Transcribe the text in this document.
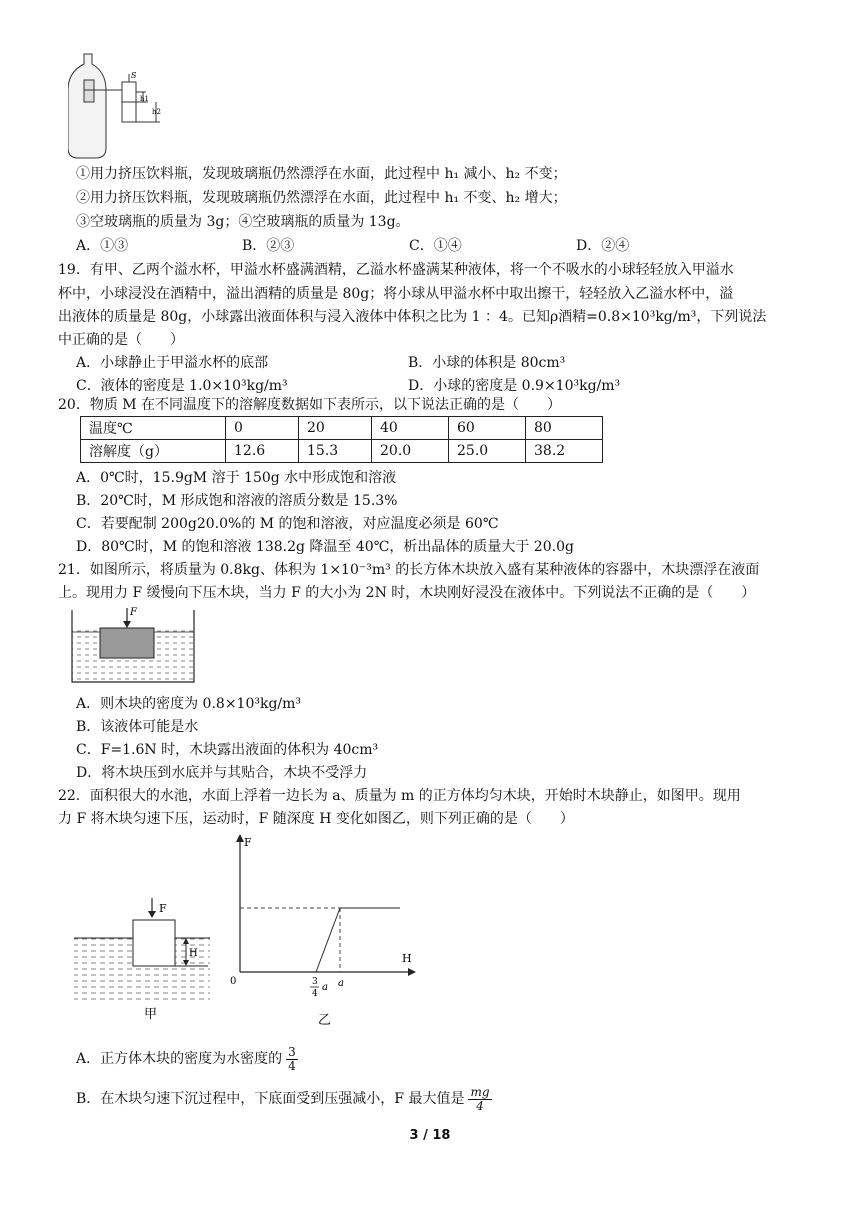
S
h1
h2
①用力挤压饮料瓶，发现玻璃瓶仍然漂浮在水面，此过程中 h₁ 减小、h₂ 不变；
②用力挤压饮料瓶，发现玻璃瓶仍然漂浮在水面，此过程中 h₁ 不变、h₂ 增大；
③空玻璃瓶的质量为 3g；④空玻璃瓶的质量为 13g。
A．①③	B．②③	C．①④	D．②④
19．有甲、乙两个溢水杯，甲溢水杯盛满酒精，乙溢水杯盛满某种液体，将一个不吸水的小球轻轻放入甲溢水
杯中，小球浸没在酒精中，溢出酒精的质量是 80g；将小球从甲溢水杯中取出擦干，轻轻放入乙溢水杯中，溢
出液体的质量是 80g，小球露出液面体积与浸入液体中体积之比为 1 ：4。已知ρ酒精=0.8×10³kg/m³，下列说法
中正确的是（　　）
A．小球静止于甲溢水杯的底部	B．小球的体积是 80cm³
C．液体的密度是 1.0×10³kg/m³	D．小球的密度是 0.9×10³kg/m³
20．物质 M 在不同温度下的溶解度数据如下表所示，以下说法正确的是（　　）
温度℃	0	20	40	60	80
溶解度（g）	12.6	15.3	20.0	25.0	38.2
A．0℃时，15.9gM 溶于 150g 水中形成饱和溶液
B．20℃时，M 形成饱和溶液的溶质分数是 15.3%
C．若要配制 200g20.0%的 M 的饱和溶液，对应温度必须是 60℃
D．80℃时，M 的饱和溶液 138.2g 降温至 40℃，析出晶体的质量大于 20.0g
21．如图所示，将质量为 0.8kg、体积为 1×10⁻³m³ 的长方体木块放入盛有某种液体的容器中，木块漂浮在液面
上。现用力 F 缓慢向下压木块，当力 F 的大小为 2N 时，木块刚好浸没在液体中。下列说法不正确的是（　　）
F
A．则木块的密度为 0.8×10³kg/m³
B．该液体可能是水
C．F=1.6N 时，木块露出液面的体积为 40cm³
D．将木块压到水底并与其贴合，木块不受浮力
22．面积很大的水池，水面上浮着一边长为 a、质量为 m 的正方体均匀木块，开始时木块静止，如图甲。现用
力 F 将木块匀速下压，运动时，F 随深度 H 变化如图乙，则下列正确的是（　　）
F
H
甲
F
H
0	3
4
a a
乙
A．正方体木块的密度为水密度的 $\frac{3}{4}$
B．在木块匀速下沉过程中，下底面受到压强减小，F 最大值是 $\frac{mg}{4}$
3 / 18
